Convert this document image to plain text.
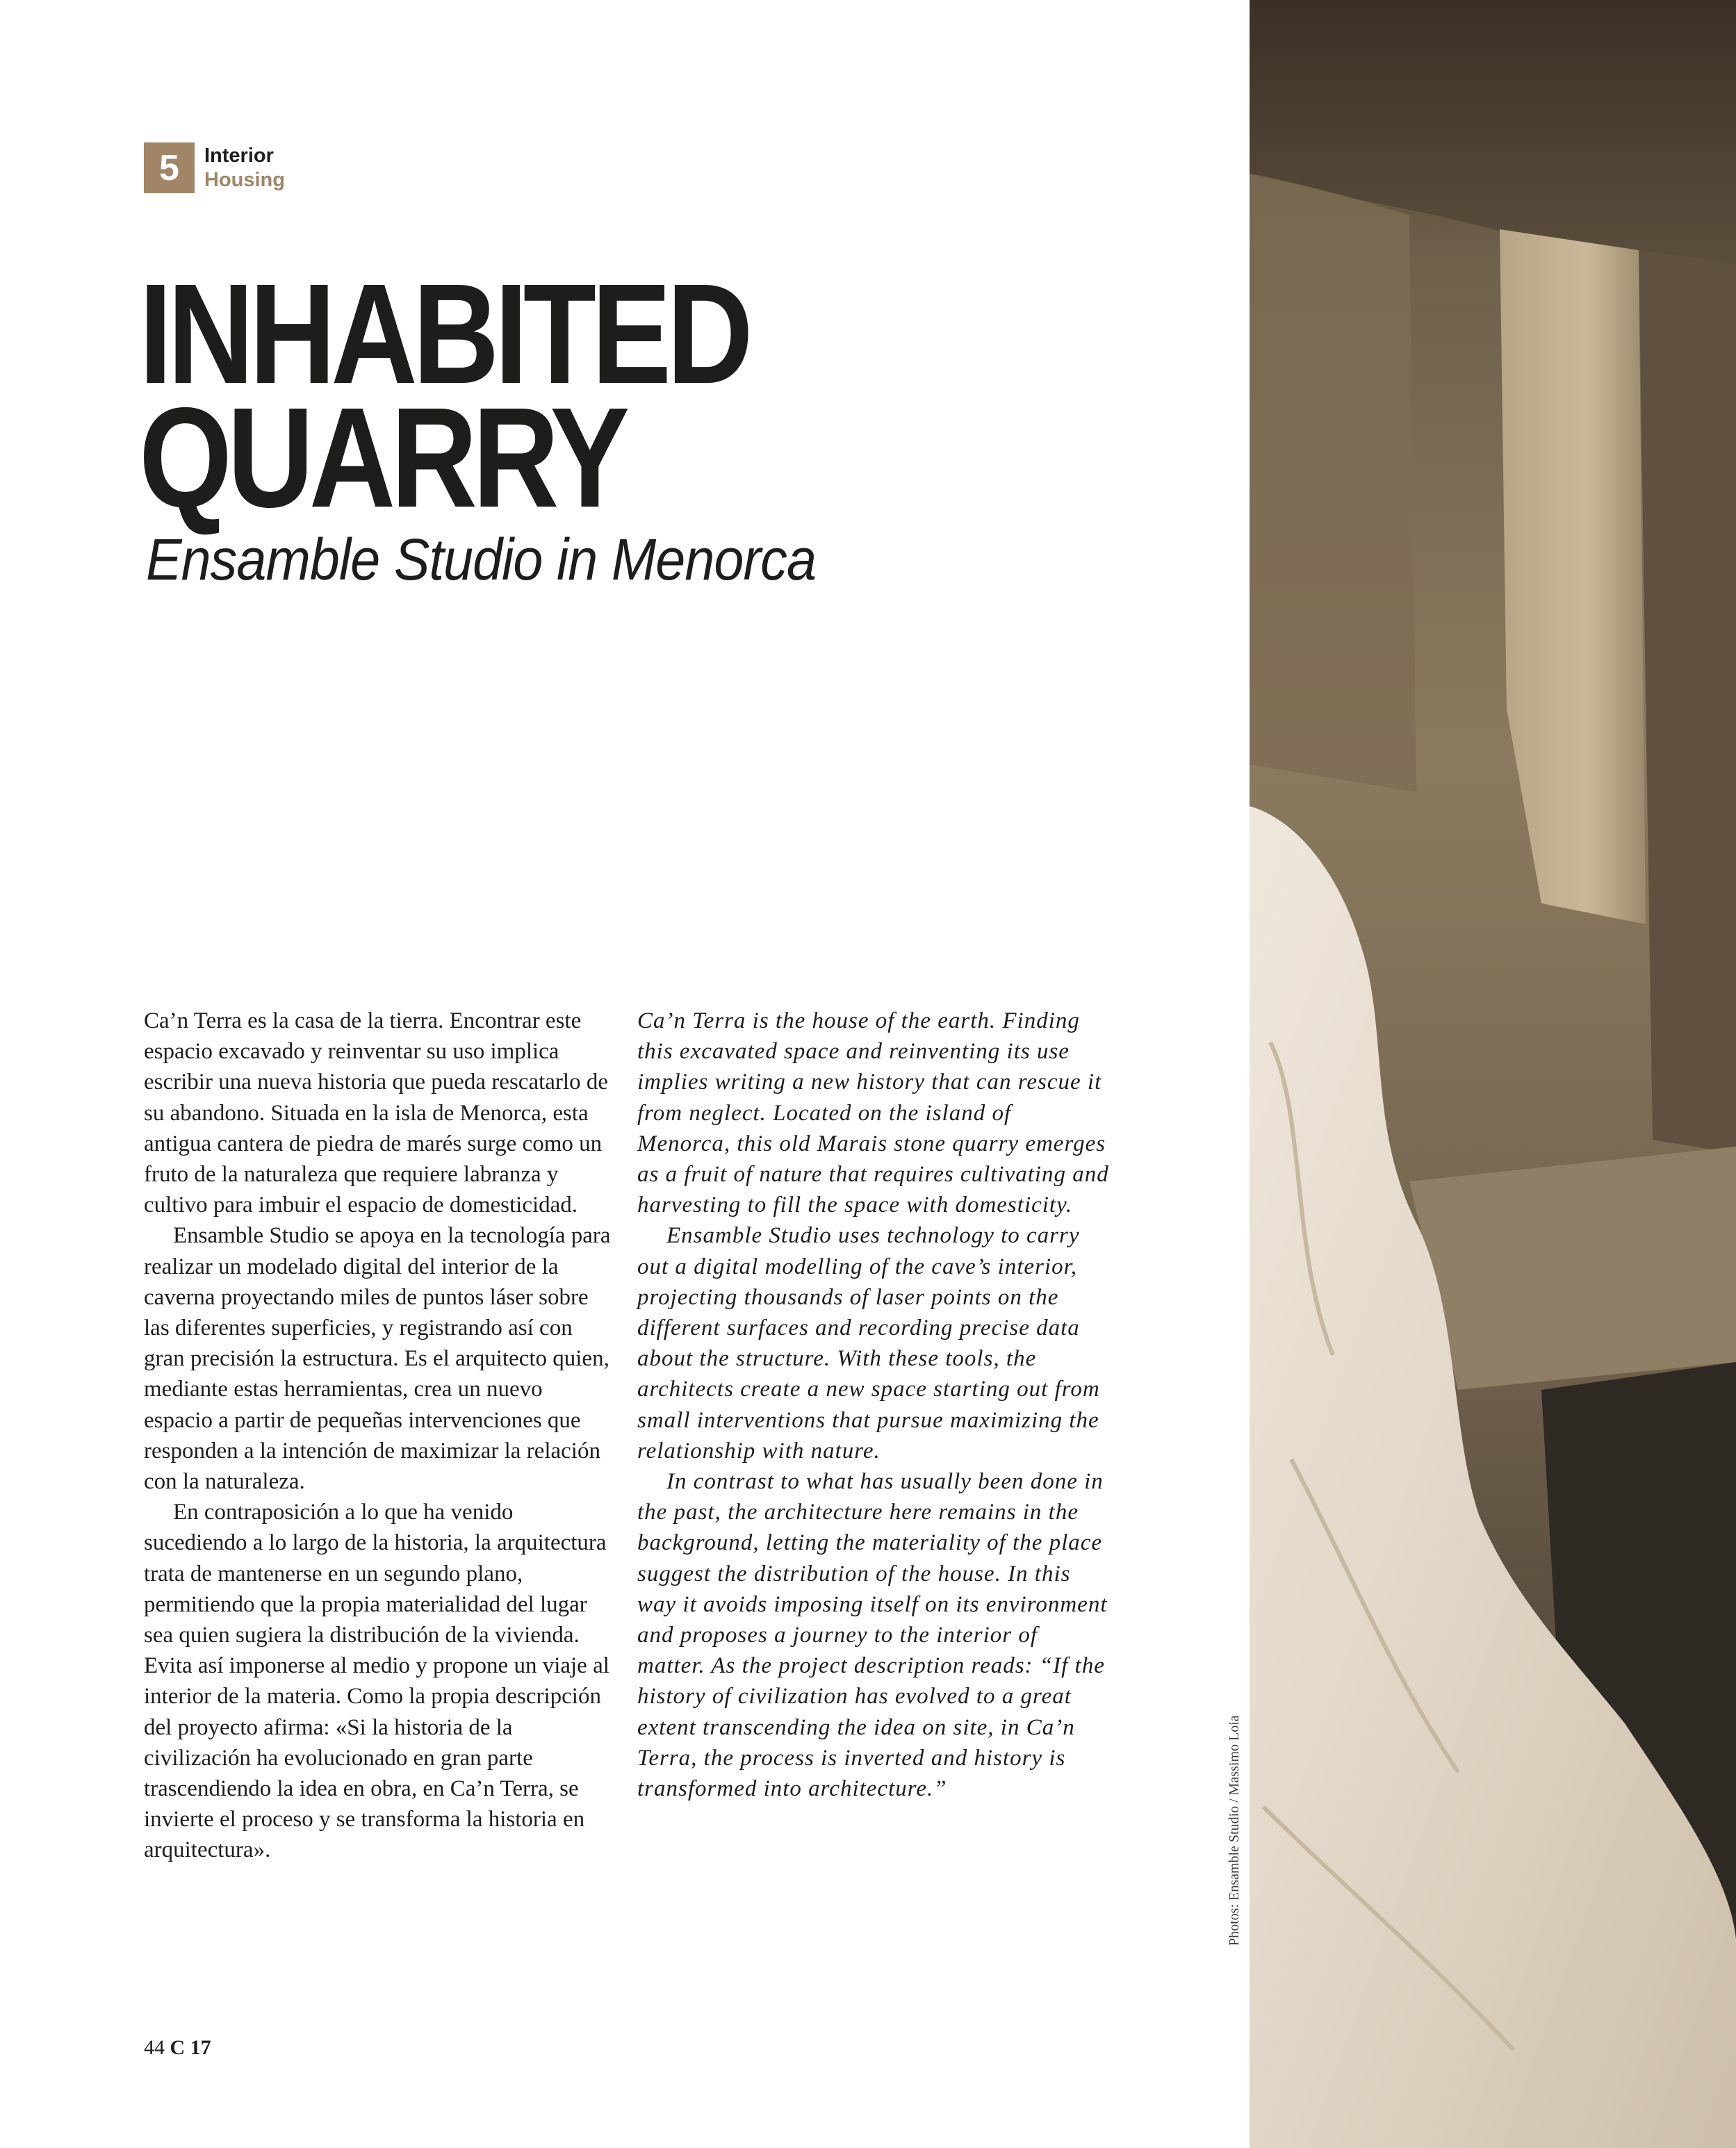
5	Interior
Housing
INHABITED
QUARRY
Ensamble Studio in Menorca

Ca’n Terra es la casa de la tierra. Encontrar este espacio excavado y reinventar su uso implica escribir una nueva historia que pueda rescatarlo de su abandono. Situada en la isla de Menorca, esta antigua cantera de piedra de marés surge como un fruto de la naturaleza que requiere labranza y cultivo para imbuir el espacio de domesticidad.

Ensamble Studio se apoya en la tecnología para realizar un modelado digital del interior de la caverna proyectando miles de puntos láser sobre las diferentes superficies, y registrando así con gran precisión la estructura. Es el arquitecto quien, mediante estas herramientas, crea un nuevo espacio a partir de pequeñas intervenciones que responden a la intención de maximizar la relación con la naturaleza.

En contraposición a lo que ha venido sucediendo a lo largo de la historia, la arquitectura trata de mantenerse en un segundo plano, permitiendo que la propia materialidad del lugar sea quien sugiera la distribución de la vivienda. Evita así imponerse al medio y propone un viaje al interior de la materia. Como la propia descripción del proyecto afirma: «Si la historia de la civilización ha evolucionado en gran parte trascendiendo la idea en obra, en Ca’n Terra, se invierte el proceso y se transforma la historia en arquitectura».

Ca’n Terra is the house of the earth. Finding this excavated space and reinventing its use implies writing a new history that can rescue it from neglect. Located on the island of Menorca, this old Marais stone quarry emerges as a fruit of nature that requires cultivating and harvesting to fill the space with domesticity.

Ensamble Studio uses technology to carry out a digital modelling of the cave’s interior, projecting thousands of laser points on the different surfaces and recording precise data about the structure. With these tools, the architects create a new space starting out from small interventions that pursue maximizing the relationship with nature.

In contrast to what has usually been done in the past, the architecture here remains in the background, letting the materiality of the place suggest the distribution of the house. In this way it avoids imposing itself on its environment and proposes a journey to the interior of matter. As the project description reads: “If the history of civilization has evolved to a great extent transcending the idea on site, in Ca’n Terra, the process is inverted and history is transformed into architecture.”	Photos: Ensamble Studio / Massimo Loia
44 C 17
